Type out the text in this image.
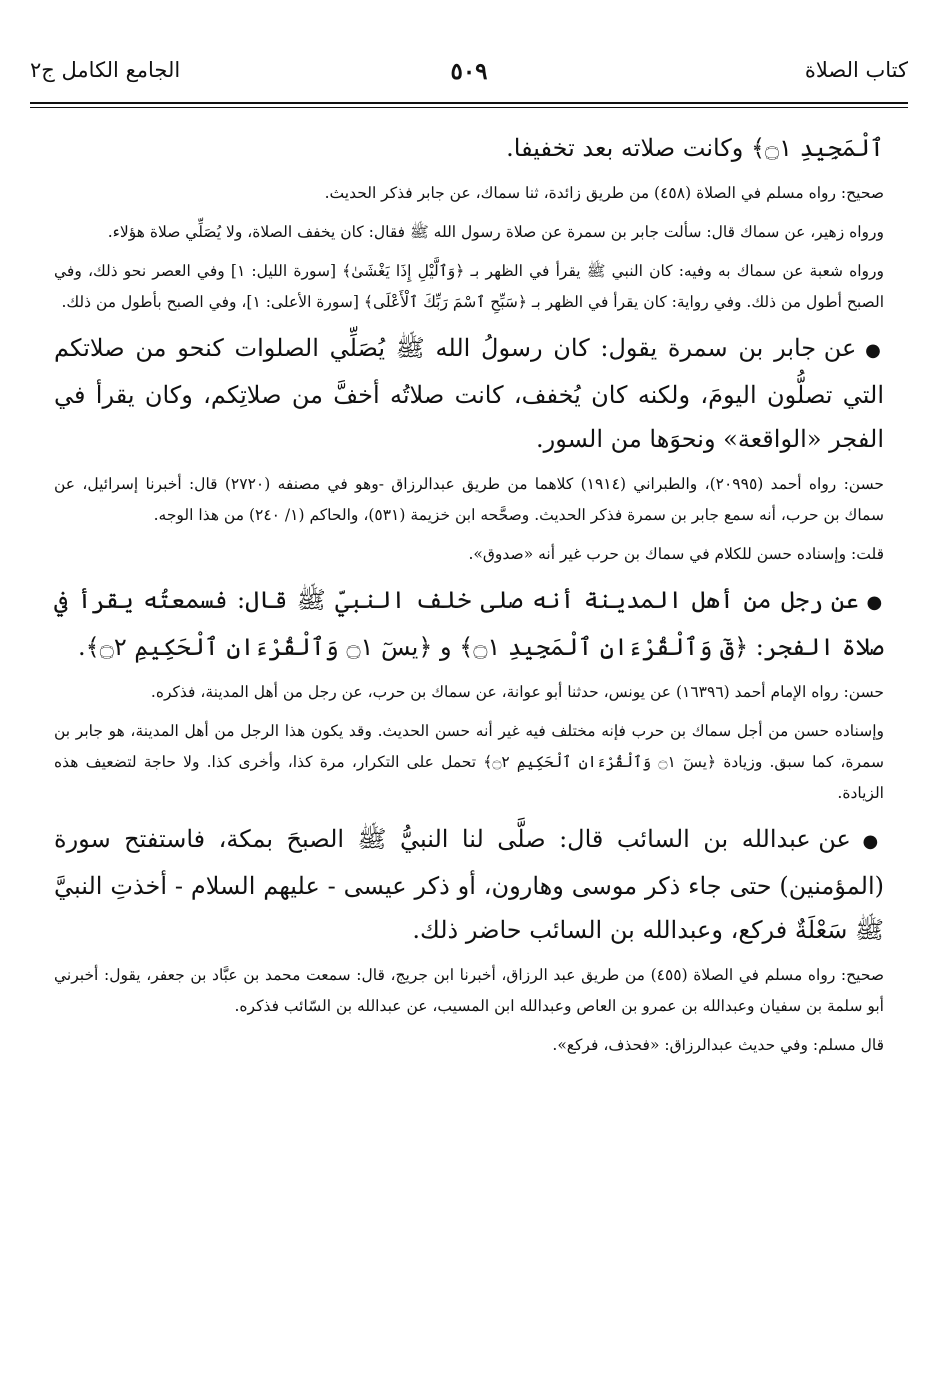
كتاب الصلاة
٥٠٩
الجامع الكامل ج٢

ٱلْمَجِيدِ ۝١﴾ وكانت صلاته بعد تخفيفا.

صحيح: رواه مسلم في الصلاة (٤٥٨) من طريق زائدة، ثنا سماك، عن جابر فذكر الحديث.

ورواه زهير، عن سماك قال: سألت جابر بن سمرة عن صلاة رسول الله ﷺ فقال: كان يخفف الصلاة، ولا يُصَلِّي صلاة هؤلاء.

ورواه شعبة عن سماك به وفيه: كان النبي ﷺ يقرأ في الظهر بـ ﴿وَٱلَّيْلِ إِذَا يَغْشَىٰ﴾ [سورة الليل: ١] وفي العصر نحو ذلك، وفي الصبح أطول من ذلك. وفي رواية: كان يقرأ في الظهر بـ ﴿سَبِّحِ ٱسْمَ رَبِّكَ ٱلْأَعْلَى﴾ [سورة الأعلى: ١]، وفي الصبح بأطول من ذلك.

● عن جابر بن سمرة يقول: كان رسولُ الله ﷺ يُصَلِّي الصلوات كنحو من صلاتكم التي تصلُّون اليومَ، ولكنه كان يُخفف، كانت صلاتُه أخفَّ من صلاتِكم، وكان يقرأ في الفجر «الواقعة» ونحوَها من السور.

حسن: رواه أحمد (٢٠٩٩٥)، والطبراني (١٩١٤) كلاهما من طريق عبدالرزاق -وهو في مصنفه (٢٧٢٠) قال: أخبرنا إسرائيل، عن سماك بن حرب، أنه سمع جابر بن سمرة فذكر الحديث. وصحَّحه ابن خزيمة (٥٣١)، والحاكم (١/ ٢٤٠) من هذا الوجه.

قلت: وإسناده حسن للكلام في سماك بن حرب غير أنه «صدوق».

● عن رجل من أهل المدينة أنه صلى خلف النبيّ ﷺ قال: فسمعتُه يقرأ في صلاة الفجر: ﴿قٓ وَٱلْقُرْءَانِ ٱلْمَجِيدِ ۝١﴾ و ﴿يسٓ ۝١ وَٱلْقُرْءَانِ ٱلْحَكِيمِ ۝٢﴾.

حسن: رواه الإمام أحمد (١٦٣٩٦) عن يونس، حدثنا أبو عوانة، عن سماك بن حرب، عن رجل من أهل المدينة، فذكره.

وإسناده حسن من أجل سماك بن حرب فإنه مختلف فيه غير أنه حسن الحديث. وقد يكون هذا الرجل من أهل المدينة، هو جابر بن سمرة، كما سبق. وزيادة ﴿يسٓ ۝١ وَٱلْقُرْءَانِ ٱلْحَكِيمِ ۝٢﴾ تحمل على التكرار، مرة كذا، وأخرى كذا. ولا حاجة لتضعيف هذه الزيادة.

● عن عبدالله بن السائب قال: صلَّى لنا النبيُّ ﷺ الصبحَ بمكة، فاستفتح سورة (المؤمنين) حتى جاء ذكر موسى وهارون، أو ذكر عيسى - عليهم السلام - أخذتِ النبيَّ ﷺ سَعْلَةٌ فركع، وعبدالله بن السائب حاضر ذلك.

صحيح: رواه مسلم في الصلاة (٤٥٥) من طريق عبد الرزاق، أخبرنا ابن جريج، قال: سمعت محمد بن عبَّاد بن جعفر، يقول: أخبرني أبو سلمة بن سفيان وعبدالله بن عمرو بن العاص وعبدالله ابن المسيب، عن عبدالله بن السّائب فذكره.

قال مسلم: وفي حديث عبدالرزاق: «فحذف، فركع».
